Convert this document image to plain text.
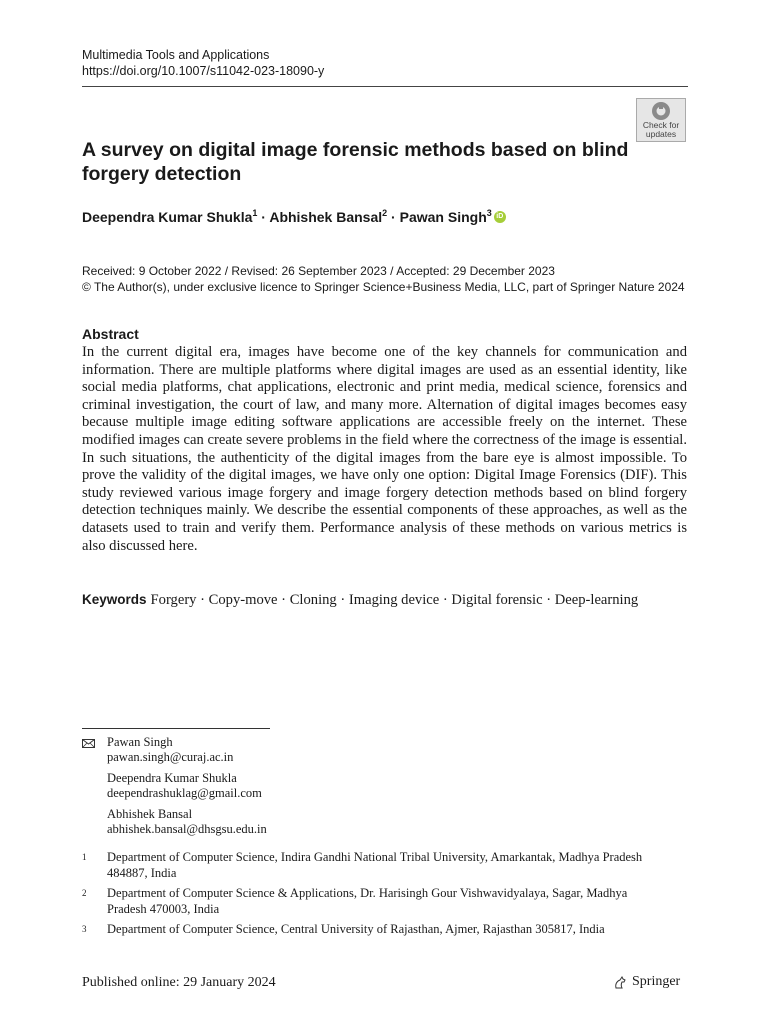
Multimedia Tools and Applications
https://doi.org/10.1007/s11042-023-18090-y
Check for
updates
A survey on digital image forensic methods based on blind forgery detection
Deependra Kumar Shukla$^1$ · Abhishek Bansal$^2$ · Pawan Singh$^3$ iD
Received: 9 October 2022 / Revised: 26 September 2023 / Accepted: 29 December 2023
© The Author(s), under exclusive licence to Springer Science+Business Media, LLC, part of Springer Nature 2024
Abstract
In the current digital era, images have become one of the key channels for communication and information. There are multiple platforms where digital images are used as an essential identity, like social media platforms, chat applications, electronic and print media, medical science, forensics and criminal investigation, the court of law, and many more. Alternation of digital images becomes easy because multiple image editing software applications are accessible freely on the internet. These modified images can create severe problems in the field where the correctness of the image is essential. In such situations, the authenticity of the digital images from the bare eye is almost impossible. To prove the validity of the digital images, we have only one option: Digital Image Forensics (DIF). This study reviewed various image forgery and image forgery detection methods based on blind forgery detection techniques mainly. We describe the essential components of these approaches, as well as the datasets used to train and verify them. Performance analysis of these methods on various metrics is also discussed here.
Keywords Forgery · Copy-move · Cloning · Imaging device · Digital forensic · Deep-learning
Pawan Singh
pawan.singh@curaj.ac.in
Deependra Kumar Shukla
deependrashuklag@gmail.com
Abhishek Bansal
abhishek.bansal@dhsgsu.edu.in
1 Department of Computer Science, Indira Gandhi National Tribal University, Amarkantak, Madhya Pradesh 484887, India
2 Department of Computer Science & Applications, Dr. Harisingh Gour Vishwavidyalaya, Sagar, Madhya Pradesh 470003, India
3 Department of Computer Science, Central University of Rajasthan, Ajmer, Rajasthan 305817, India
Published online: 29 January 2024	Springer
